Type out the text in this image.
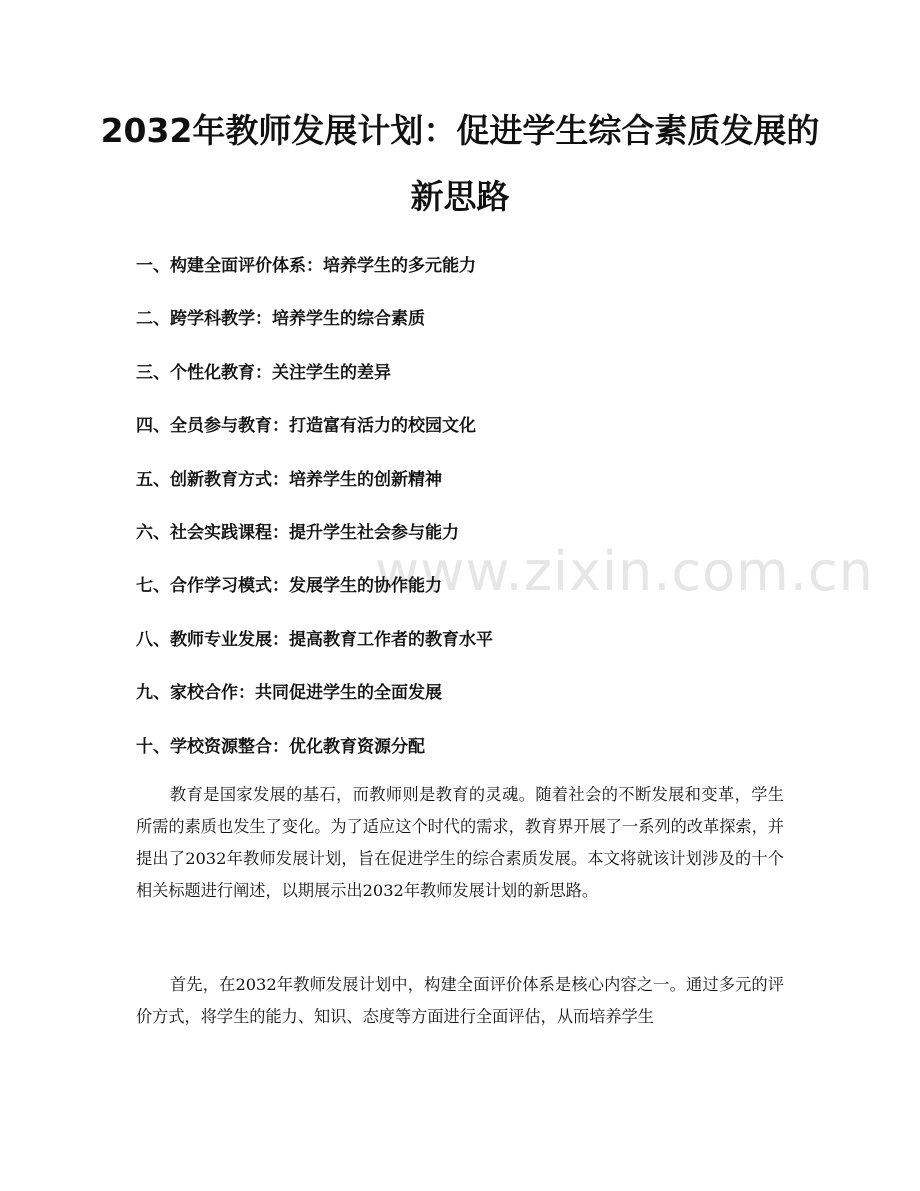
www.zixin.com.cn
2032年教师发展计划：促进学生综合素质发展的新思路
一、构建全面评价体系：培养学生的多元能力
二、跨学科教学：培养学生的综合素质
三、个性化教育：关注学生的差异
四、全员参与教育：打造富有活力的校园文化
五、创新教育方式：培养学生的创新精神
六、社会实践课程：提升学生社会参与能力
七、合作学习模式：发展学生的协作能力
八、教师专业发展：提高教育工作者的教育水平
九、家校合作：共同促进学生的全面发展
十、学校资源整合：优化教育资源分配

教育是国家发展的基石，而教师则是教育的灵魂。随着社会的不断发展和变革，学生所需的素质也发生了变化。为了适应这个时代的需求，教育界开展了一系列的改革探索，并提出了2032年教师发展计划，旨在促进学生的综合素质发展。本文将就该计划涉及的十个相关标题进行阐述，以期展示出2032年教师发展计划的新思路。

首先，在2032年教师发展计划中，构建全面评价体系是核心内容之一。通过多元的评价方式，将学生的能力、知识、态度等方面进行全面评估，从而培养学生
